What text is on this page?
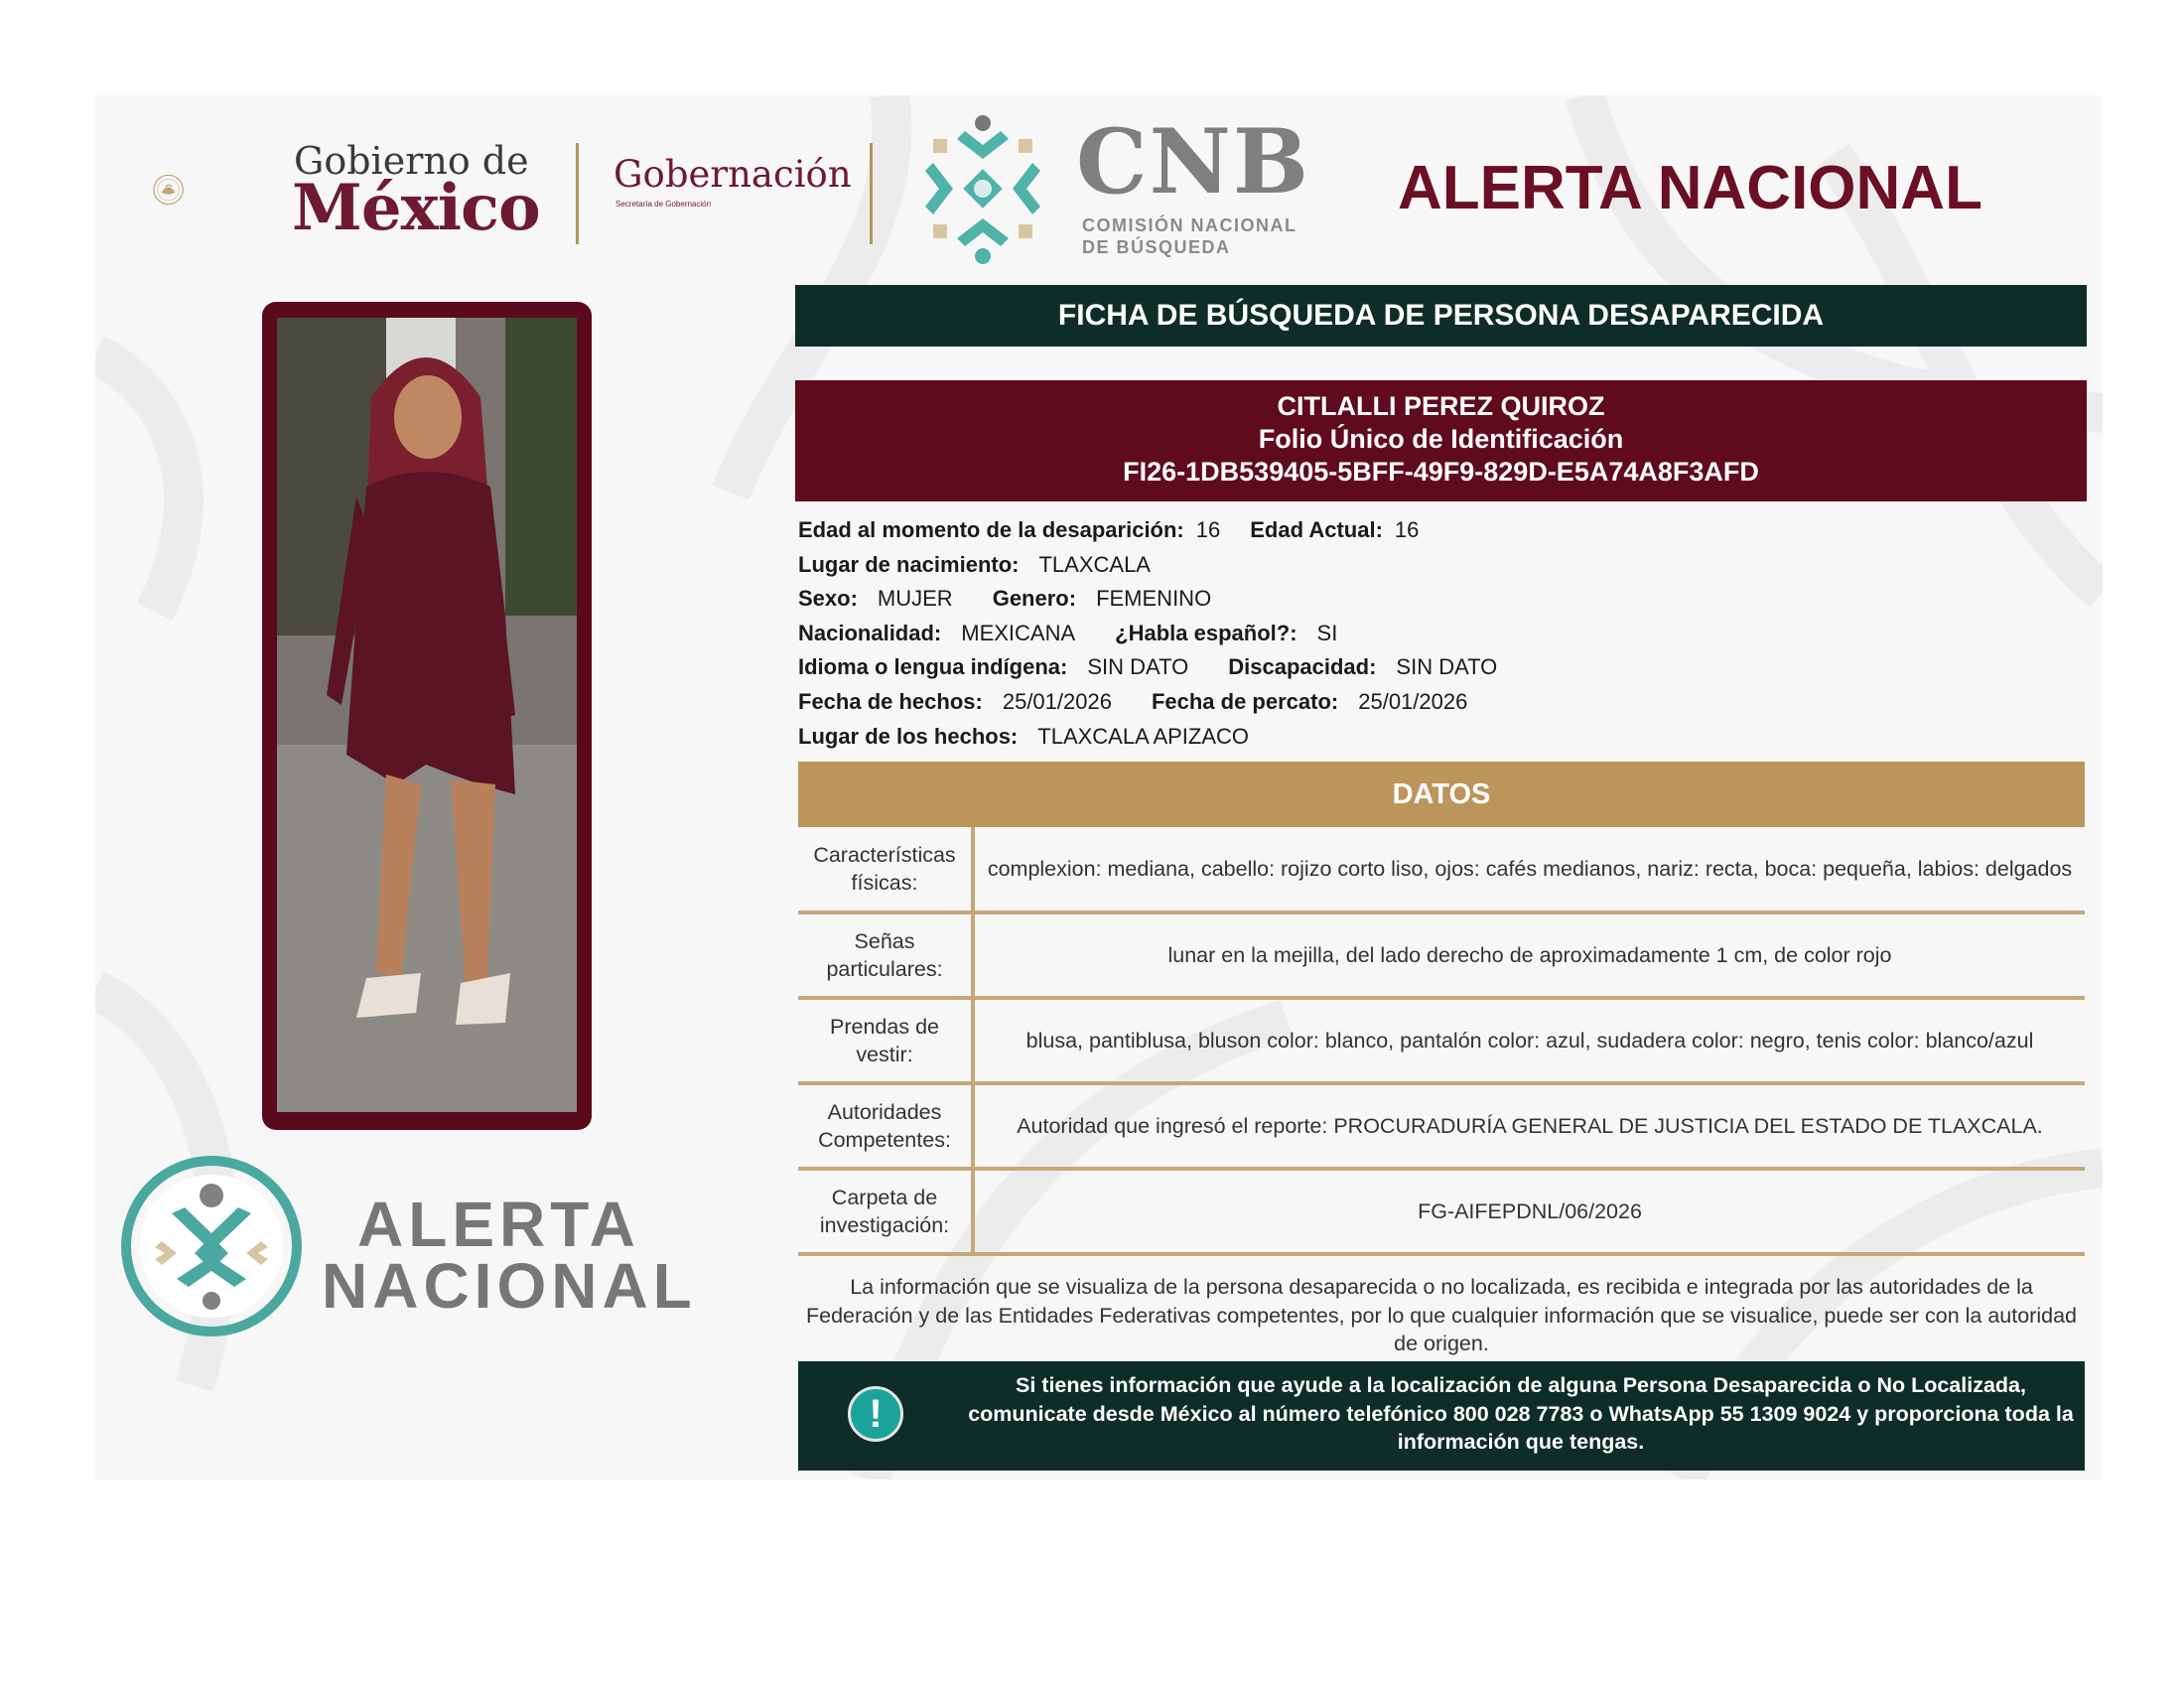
Gobierno de
México Gobernación
Secretaría de Gobernación	CNB
COMISIÓN NACIONAL
DE BÚSQUEDA
ALERTA NACIONAL
ALERTA
NACIONAL
FICHA DE BÚSQUEDA DE PERSONA DESAPARECIDA
CITLALLI PEREZ QUIROZ
Folio Único de Identificación
FI26-1DB539405-5BFF-49F9-829D-E5A74A8F3AFD
Edad al momento de la desaparición: 16 Edad Actual: 16
Lugar de nacimiento: TLAXCALA
Sexo: MUJER Genero: FEMENINO
Nacionalidad: MEXICANA ¿Habla español?: SI
Idioma o lengua indígena: SIN DATO Discapacidad: SIN DATO
Fecha de hechos: 25/01/2026 Fecha de percato: 25/01/2026
Lugar de los hechos: TLAXCALA APIZACO
DATOS
Características físicas:	complexion: mediana, cabello: rojizo corto liso, ojos: cafés medianos, nariz: recta, boca: pequeña, labios: delgados
Señas particulares:	lunar en la mejilla, del lado derecho de aproximadamente 1 cm, de color rojo
Prendas de vestir:	blusa, pantiblusa, bluson color: blanco, pantalón color: azul, sudadera color: negro, tenis color: blanco/azul
Autoridades Competentes:	Autoridad que ingresó el reporte: PROCURADURÍA GENERAL DE JUSTICIA DEL ESTADO DE TLAXCALA.
Carpeta de investigación:	FG-AIFEPDNL/06/2026
La información que se visualiza de la persona desaparecida o no localizada, es recibida e integrada por las autoridades de la Federación y de las Entidades Federativas competentes, por lo que cualquier información que se visualice, puede ser con la autoridad de origen.
!
Si tienes información que ayude a la localización de alguna Persona Desaparecida o No Localizada, comunicate desde México al número telefónico 800 028 7783 o WhatsApp 55 1309 9024 y proporciona toda la información que tengas.
